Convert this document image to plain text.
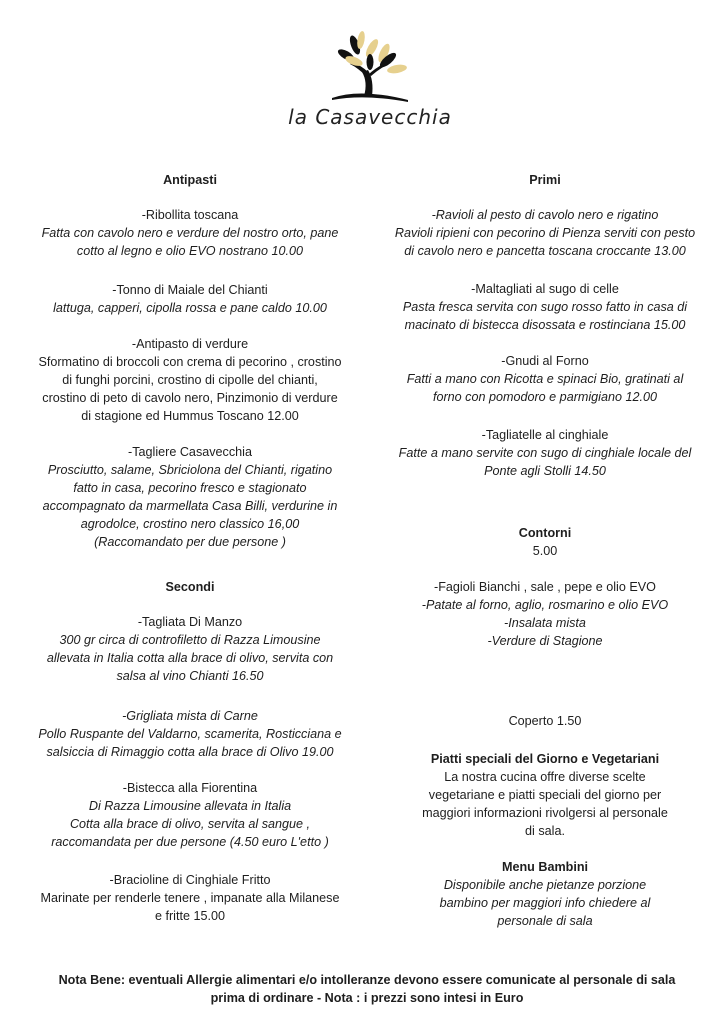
la Casavecchia
Antipasti
-Ribollita toscana
Fatta con cavolo nero e verdure del nostro orto, pane
cotto al legno e olio EVO nostrano 10.00
-Tonno di Maiale del Chianti
lattuga, capperi, cipolla rossa e pane caldo 10.00
-Antipasto di verdure
Sformatino di broccoli con crema di pecorino , crostino
di funghi porcini, crostino di cipolle del chianti,
crostino di peto di cavolo nero, Pinzimonio di verdure
di stagione ed Hummus Toscano 12.00
-Tagliere Casavecchia
Prosciutto, salame, Sbriciolona del Chianti, rigatino
fatto in casa, pecorino fresco e stagionato
accompagnato da marmellata Casa Billi, verdurine in
agrodolce, crostino nero classico 16,00
(Raccomandato per due persone )
Secondi
-Tagliata Di Manzo
300 gr circa di controfiletto di Razza Limousine
allevata in Italia cotta alla brace di olivo, servita con
salsa al vino Chianti 16.50
-Grigliata mista di Carne
Pollo Ruspante del Valdarno, scamerita, Rosticciana e
salsiccia di Rimaggio cotta alla brace di Olivo 19.00
-Bistecca alla Fiorentina
Di Razza Limousine allevata in Italia
Cotta alla brace di olivo, servita al sangue ,
raccomandata per due persone (4.50 euro L'etto )
-Bracioline di Cinghiale Fritto
Marinate per renderle tenere , impanate alla Milanese
e fritte 15.00
Primi
-Ravioli al pesto di cavolo nero e rigatino
Ravioli ripieni con pecorino di Pienza serviti con pesto
di cavolo nero e pancetta toscana croccante 13.00
-Maltagliati al sugo di celle
Pasta fresca servita con sugo rosso fatto in casa di
macinato di bistecca disossata e rostinciana 15.00
-Gnudi al Forno
Fatti a mano con Ricotta e spinaci Bio, gratinati al
forno con pomodoro e parmigiano 12.00
-Tagliatelle al cinghiale
Fatte a mano servite con sugo di cinghiale locale del
Ponte agli Stolli 14.50
Contorni
5.00
-Fagioli Bianchi , sale , pepe e olio EVO
-Patate al forno, aglio, rosmarino e olio EVO
-Insalata mista
-Verdure di Stagione
Coperto 1.50
Piatti speciali del Giorno e Vegetariani
La nostra cucina offre diverse scelte
vegetariane e piatti speciali del giorno per
maggiori informazioni rivolgersi al personale
di sala.
Menu Bambini
Disponibile anche pietanze porzione
bambino per maggiori info chiedere al
personale di sala
Nota Bene: eventuali Allergie alimentari e/o intolleranze devono essere comunicate al personale di sala
prima di ordinare - Nota : i prezzi sono intesi in Euro
